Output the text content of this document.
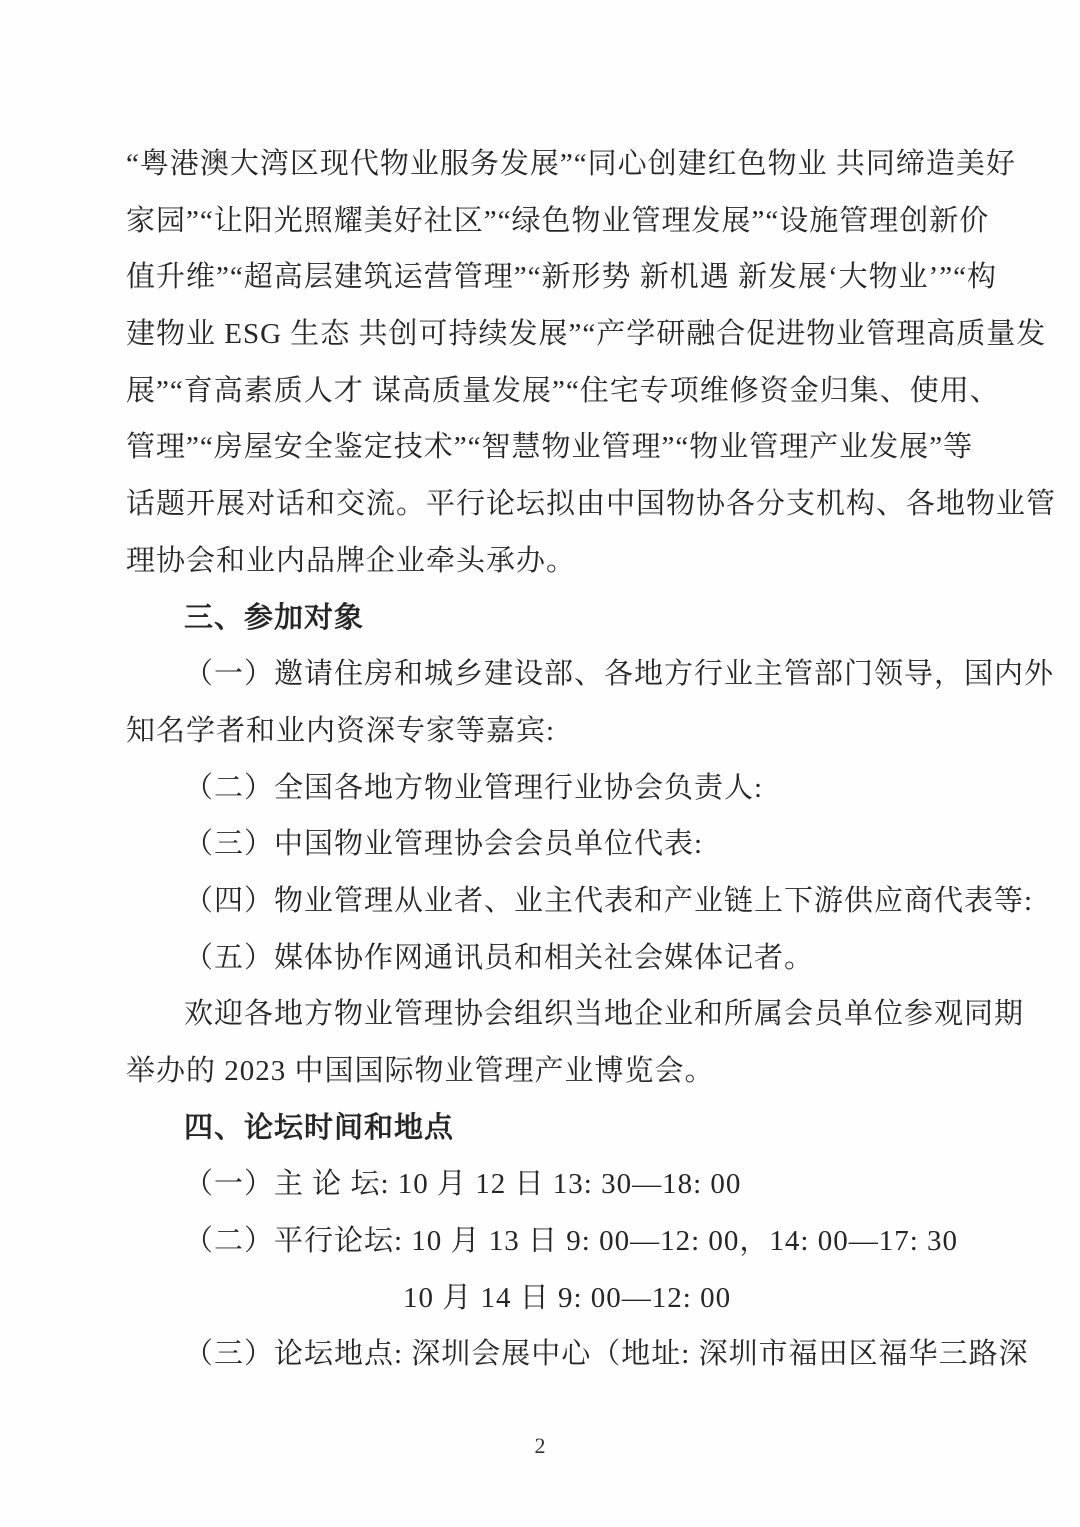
“粤港澳大湾区现代物业服务发展”“同心创建红色物业 共同缔造美好
家园”“让阳光照耀美好社区”“绿色物业管理发展”“设施管理创新价
值升维”“超高层建筑运营管理”“新形势 新机遇 新发展‘大物业’”“构
建物业 ESG 生态 共创可持续发展”“产学研融合促进物业管理高质量发
展”“育高素质人才 谋高质量发展”“住宅专项维修资金归集、使用、
管理”“房屋安全鉴定技术”“智慧物业管理”“物业管理产业发展”等
话题开展对话和交流。平行论坛拟由中国物协各分支机构、各地物业管
理协会和业内品牌企业牵头承办。
三、参加对象
（一）邀请住房和城乡建设部、各地方行业主管部门领导，国内外
知名学者和业内资深专家等嘉宾:
（二）全国各地方物业管理行业协会负责人:
（三）中国物业管理协会会员单位代表:
（四）物业管理从业者、业主代表和产业链上下游供应商代表等:
（五）媒体协作网通讯员和相关社会媒体记者。
欢迎各地方物业管理协会组织当地企业和所属会员单位参观同期
举办的 2023 中国国际物业管理产业博览会。
四、论坛时间和地点
（一）主 论 坛: 10 月 12 日 13: 30—18: 00
（二）平行论坛: 10 月 13 日 9: 00—12: 00，14: 00—17: 30
10 月 14 日 9: 00—12: 00
（三）论坛地点: 深圳会展中心（地址: 深圳市福田区福华三路深
2
